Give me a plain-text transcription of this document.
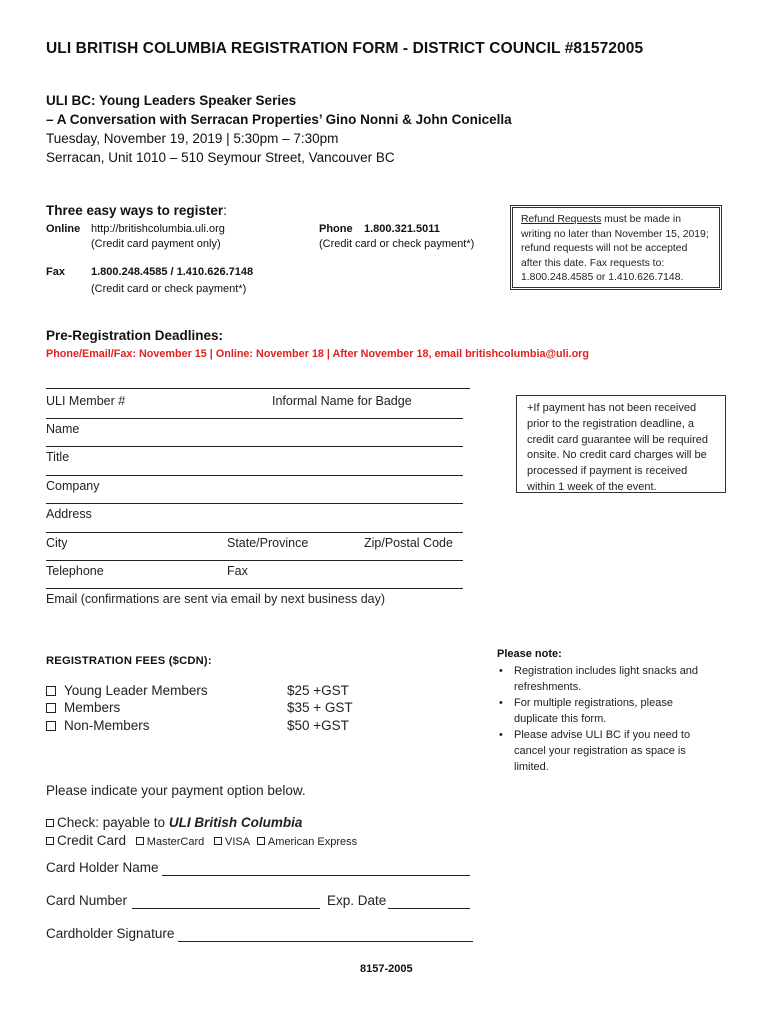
ULI BRITISH COLUMBIA REGISTRATION FORM - DISTRICT COUNCIL #81572005
ULI BC: Young Leaders Speaker Series
– A Conversation with Serracan Properties’ Gino Nonni & John Conicella
Tuesday, November 19, 2019 | 5:30pm – 7:30pm
Serracan, Unit 1010 – 510 Seymour Street, Vancouver BC
Three easy ways to register:
Online http://britishcolumbia.uli.org
(Credit card payment only)
Phone 1.800.321.5011
(Credit card or check payment*)
Fax 1.800.248.4585 / 1.410.626.7148
(Credit card or check payment*)
Refund Requests must be made in writing no later than November 15, 2019; refund requests will not be accepted after this date. Fax requests to: 1.800.248.4585 or 1.410.626.7148.
Pre-Registration Deadlines:
Phone/Email/Fax: November 15 | Online: November 18 | After November 18, email britishcolumbia@uli.org
ULI Member #	Informal Name for Badge
Name
Title
Company
Address
City	State/Province	Zip/Postal Code
Telephone	Fax
Email (confirmations are sent via email by next business day)
+If payment has not been received prior to the registration deadline, a credit card guarantee will be required onsite. No credit card charges will be processed if payment is received within 1 week of the event.
REGISTRATION FEES ($CDN):
Young Leader Members	$25 +GST
Members	$35 + GST
Non-Members	$50 +GST
Please note:
• Registration includes light snacks and refreshments.
• For multiple registrations, please duplicate this form.
• Please advise ULI BC if you need to cancel your registration as space is limited.
Please indicate your payment option below.
Check: payable to ULI British Columbia
Credit Card MasterCard VISA American Express
Card Holder Name
Card Number	Exp. Date
Cardholder Signature
8157-2005
